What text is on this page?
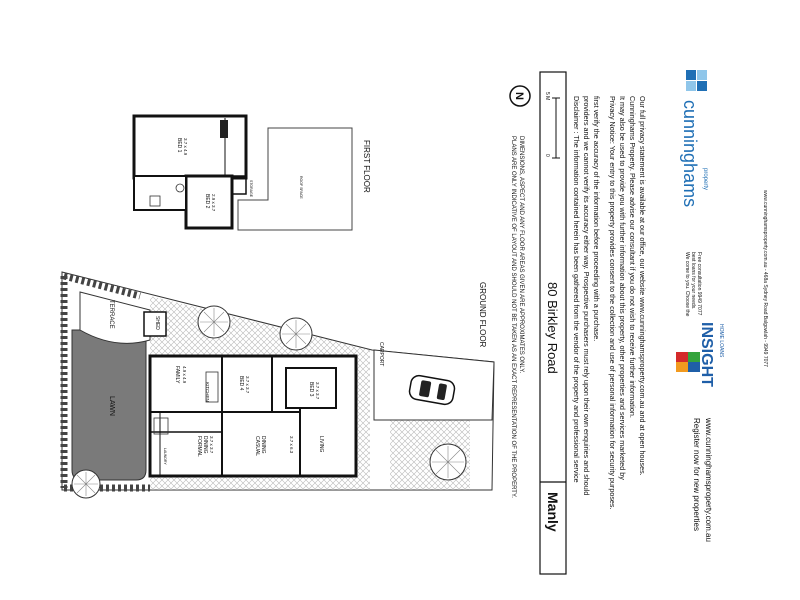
FIRST FLOOR
GROUND FLOOR
LAWN
TERRACE	SHED
FAMILY 4.9 x 4.9
KITCHEN
FORMAL DINING 3.7 x 3.7
LAUNDRY
CASUAL DINING
BED 4 3.7 x 3.7	BED 3 3.7 x 3.7
LIVING
3.7 x 6.3
CARPORT
BED 1 3.7 x 4.9
BED 2 2.9 x 3.7
ROOF SPACE
STORAGE	PLANS ARE ONLY INDICATIVE OF LAYOUT AND SHOULD NOT BE TAKEN AS AN EXACT REPRESENTATION OF THE PROPERTY. DIMENSIONS, ASPECT AND ANY FLOOR AREAS GIVEN ARE APPROXIMATES ONLY. 80 Birkley Road
Manly
5 M
0
N	Disclaimer : The information contained herein has been gathered from the vendor of the property and professional service providers and we cannot verify its accuracy either way. Prospective purchasers must rely upon their own enquiries and should first verify the accuracy of the information before proceeding with a purchase. Privacy Notice: Your entry to this property provides consent to the collection and use of personal information for security purposes. It may also be used to provide you with further information about this property, other properties and services marketed by Cunninghams Property. Please advise our consultant if you do not wish to receive further information. Our full privacy statement is available at our office, our website www.cunninghamsproperty.com.au and at open houses. cunninghams property
INSIGHT HOME LOANS
We come to you. Choose the best loans for your needs. Free consultation 9949 7077
Register now for new properties www.cunninghamsproperty.com.au
www.cunninghamsproperty.com.au - 468a Sydney Road Balgowlah - 9949 7077
